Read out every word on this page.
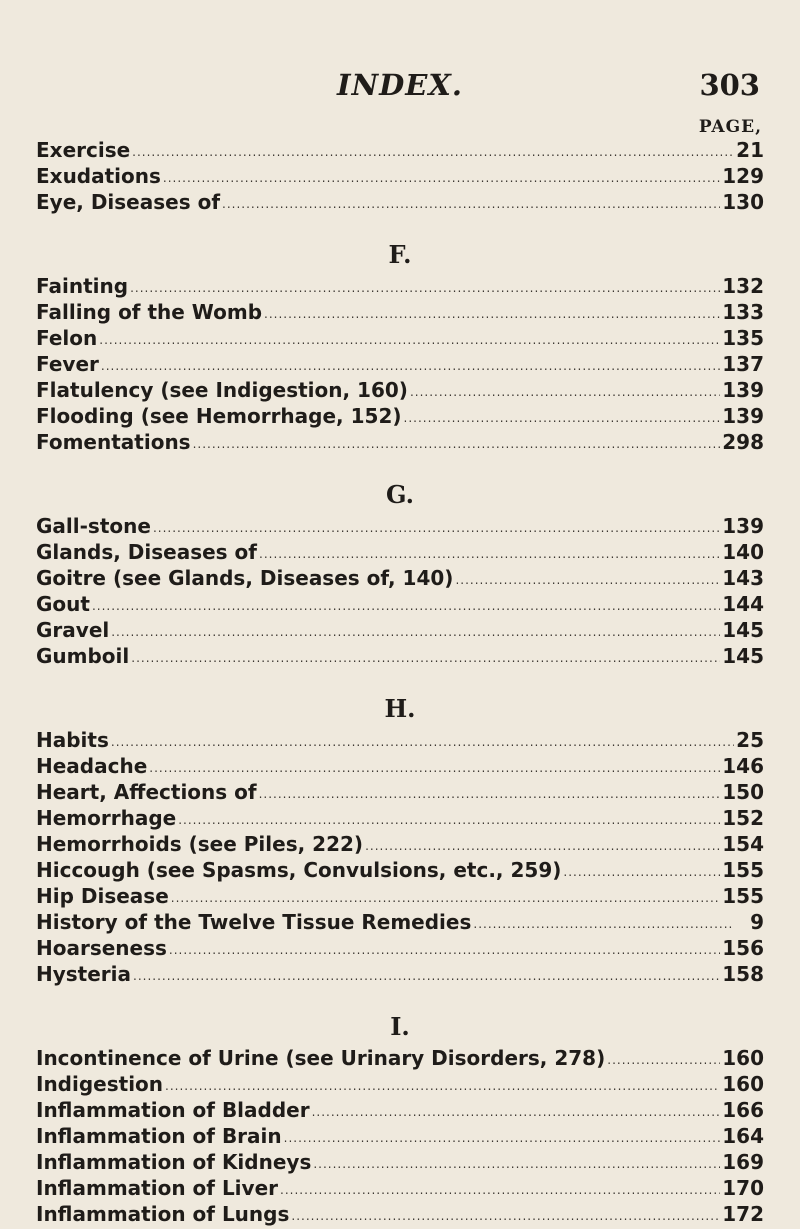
INDEX.	303
PAGE,
Exercise .....	21
Exudations .....	129
Eye, Diseases of .....	130
F.
Fainting .....	132
Falling of the Womb .....	133
Felon .....	135
Fever .....	137
Flatulency (see Indigestion, 160) .....	139
Flooding (see Hemorrhage, 152) .....	139
Fomentations .....	298
G.
Gall-stone .....	139
Glands, Diseases of .....	140
Goitre (see Glands, Diseases of, 140) .....	143
Gout .....	144
Gravel .....	145
Gumboil .....	145
H.
Habits .....	25
Headache .....	146
Heart, Affections of .....	150
Hemorrhage .....	152
Hemorrhoids (see Piles, 222) .....	154
Hiccough (see Spasms, Convulsions, etc., 259) .....	155
Hip Disease .....	155
History of the Twelve Tissue Remedies .....	9
Hoarseness .....	156
Hysteria .....	158
I.
Incontinence of Urine (see Urinary Disorders, 278) .....	160
Indigestion .....	160
Inflammation of Bladder .....	166
Inflammation of Brain .....	164
Inflammation of Kidneys .....	169
Inflammation of Liver .....	170
Inflammation of Lungs .....	172
